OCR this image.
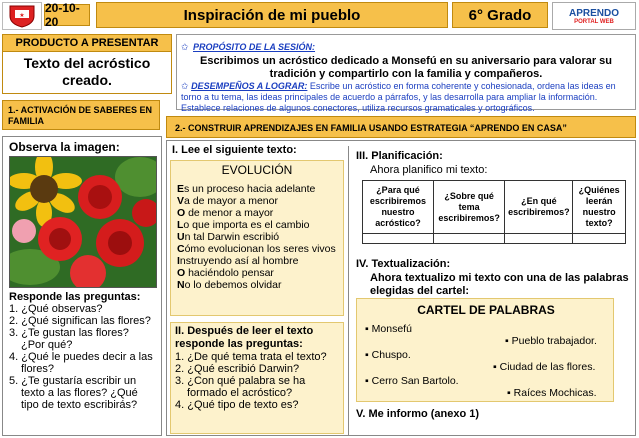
★
20-10-20	Inspiración de mi pueblo	6° Grado	APRENDO
PORTAL WEB
PRODUCTO A PRESENTAR
Texto del acróstico creado.
✩ PROPÓSITO DE LA SESIÓN:
Escribimos un acróstico dedicado a Monsefú en su aniversario para valorar su tradición y compartirlo con la familia y compañeros.
✩ DESEMPEÑOS A LOGRAR: Escribe un acróstico en forma coherente y cohesionada, ordena las ideas en torno a tu tema, las ideas principales de acuerdo a párrafos, y las desarrolla para ampliar la información. Establece relaciones de algunos conectores, utiliza recursos gramaticales y ortográficos.
1.- ACTIVACIÓN DE SABERES EN FAMILIA
2.- CONSTRUIR APRENDIZAJES EN FAMILIA USANDO ESTRATEGIA “APRENDO EN CASA”
Observa la imagen:
Responde las preguntas:
1. ¿Qué observas?
2. ¿Qué significan las flores?
3. ¿Te gustan las flores? ¿Por qué?
4. ¿Qué le puedes decir a las flores?
5. ¿Te gustaría escribir un texto a las flores? ¿Qué tipo de texto escribirás?
I. Lee el siguiente texto:
EVOLUCIÓN
Es un proceso hacia adelante
Va de mayor a menor
O de menor a mayor
Lo que importa es el cambio
Un tal Darwin escribió
Cómo evolucionan los seres vivos
Instruyendo así al hombre
O haciéndolo pensar
No lo debemos olvidar
II. Después de leer el texto responde las preguntas:
1. ¿De qué tema trata el texto?
2. ¿Qué escribió Darwin?
3. ¿Con qué palabra se ha formado el acróstico?
4. ¿Qué tipo de texto es?
III. Planificación:
Ahora planifico mi texto:
¿Para qué escribiremos nuestro acróstico?	¿Sobre qué tema escribiremos?	¿En qué escribiremos?	¿Quiénes leerán nuestro texto?

IV. Textualización:
Ahora textualizo mi texto con una de las palabras elegidas del cartel:
CARTEL DE PALABRAS
▪ Monsefú
▪ Pueblo trabajador.
▪ Chuspo.
▪ Ciudad de las flores.
▪ Cerro San Bartolo.
▪ Raíces Mochicas.
V. Me informo (anexo 1)
